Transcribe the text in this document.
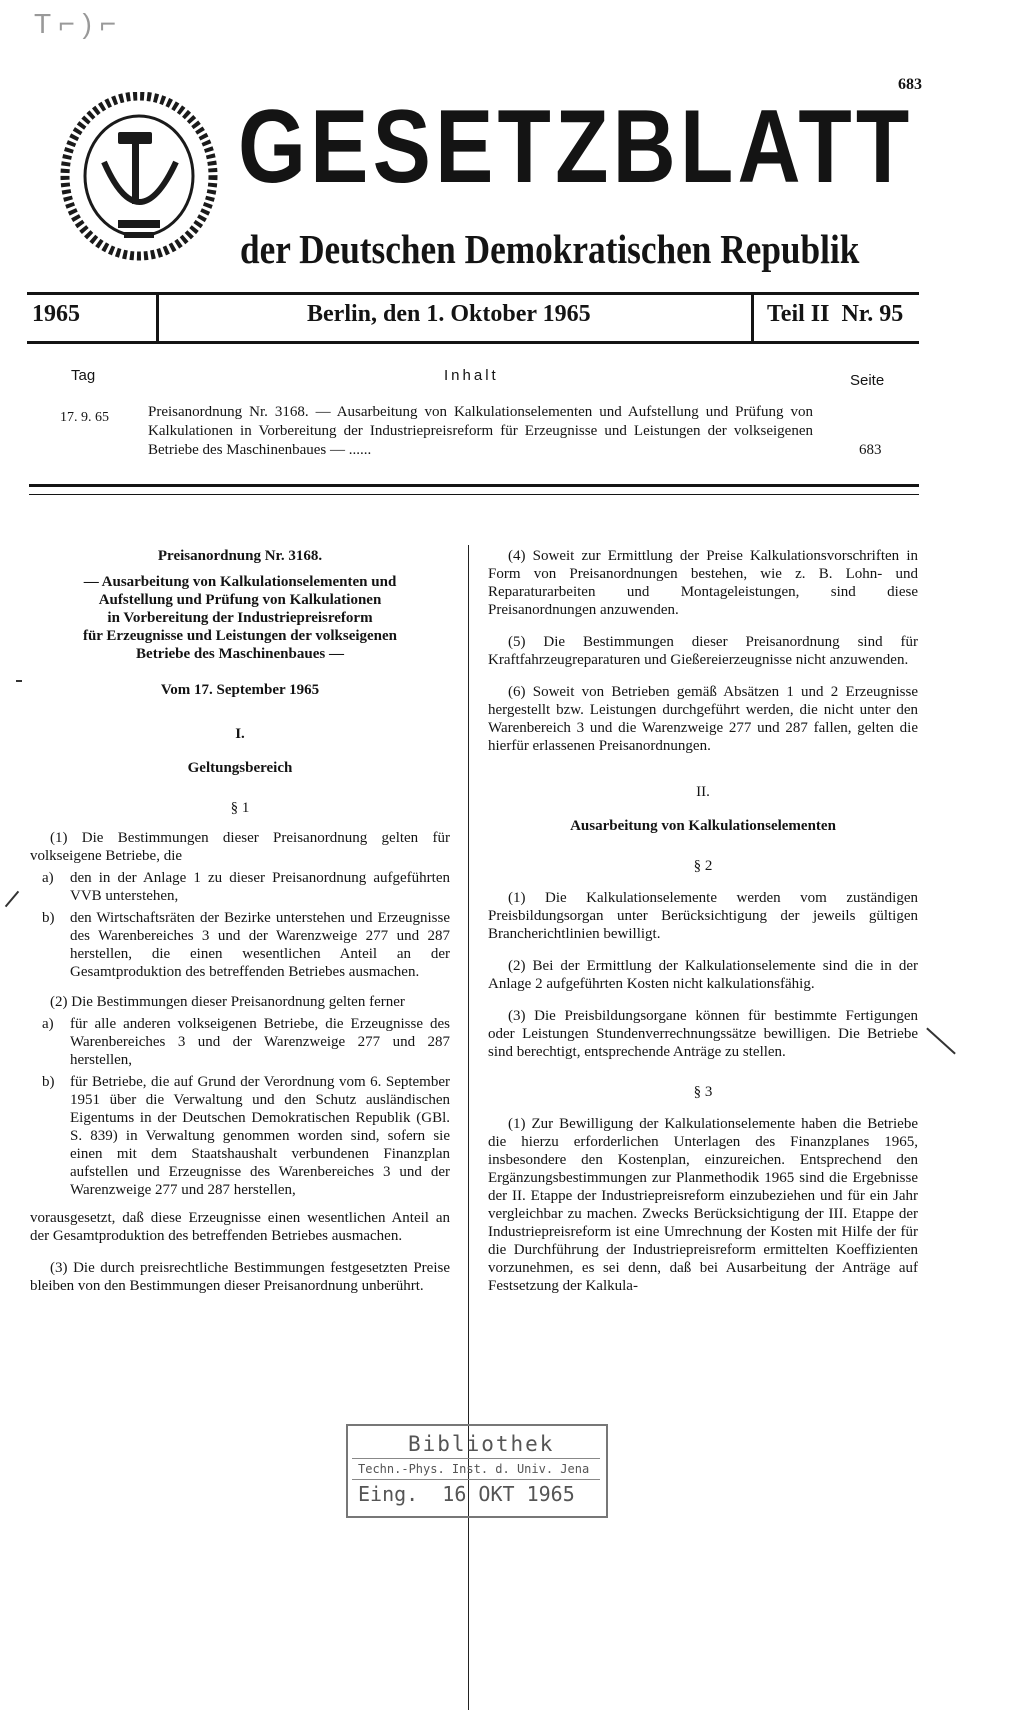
T ⌐ ) ⌐
683
GESETZBLATT
der Deutschen Demokratischen Republik
1965	Berlin, den 1. Oktober 1965	Teil II  Nr. 95
Tag	Inhalt	Seite
17. 9. 65	Preisanordnung Nr. 3168. — Ausarbeitung von Kalkulationselementen und Aufstellung und Prüfung von Kalkulationen in Vorbereitung der Industriepreisreform für Erzeugnisse und Leistungen der volkseigenen Betriebe des Maschinenbaues — ......	683
Preisanordnung Nr. 3168.
— Ausarbeitung von Kalkulationselementen und
Aufstellung und Prüfung von Kalkulationen
in Vorbereitung der Industriepreisreform
für Erzeugnisse und Leistungen der volkseigenen
Betriebe des Maschinenbaues —
Vom 17. September 1965
I.
Geltungsbereich
§ 1

(1) Die Bestimmungen dieser Preisanordnung gelten für volkseigene Betriebe, die

a)	den in der Anlage 1 zu dieser Preisanordnung aufgeführten VVB unterstehen,
b)	den Wirtschaftsräten der Bezirke unterstehen und Erzeugnisse des Warenbereiches 3 und der Warenzweige 277 und 287 herstellen, die einen wesentlichen Anteil an der Gesamtproduktion des betreffenden Betriebes ausmachen.

(2) Die Bestimmungen dieser Preisanordnung gelten ferner

a)	für alle anderen volkseigenen Betriebe, die Erzeugnisse des Warenbereiches 3 und der Warenzweige 277 und 287 herstellen,
b)	für Betriebe, die auf Grund der Verordnung vom 6. September 1951 über die Verwaltung und den Schutz ausländischen Eigentums in der Deutschen Demokratischen Republik (GBl. S. 839) in Verwaltung genommen worden sind, sofern sie einen mit dem Staatshaushalt verbundenen Finanzplan aufstellen und Erzeugnisse des Warenbereiches 3 und der Warenzweige 277 und 287 herstellen,

vorausgesetzt, daß diese Erzeugnisse einen wesentlichen Anteil an der Gesamtproduktion des betreffenden Betriebes ausmachen.

(3) Die durch preisrechtliche Bestimmungen festgesetzten Preise bleiben von den Bestimmungen dieser Preisanordnung unberührt.

(4) Soweit zur Ermittlung der Preise Kalkulationsvorschriften in Form von Preisanordnungen bestehen, wie z. B. Lohn- und Reparaturarbeiten und Montageleistungen, sind diese Preisanordnungen anzuwenden.

(5) Die Bestimmungen dieser Preisanordnung sind für Kraftfahrzeugreparaturen und Gießereierzeugnisse nicht anzuwenden.

(6) Soweit von Betrieben gemäß Absätzen 1 und 2 Erzeugnisse hergestellt bzw. Leistungen durchgeführt werden, die nicht unter den Warenbereich 3 und die Warenzweige 277 und 287 fallen, gelten die hierfür erlassenen Preisanordnungen.

II.
Ausarbeitung von Kalkulationselementen
§ 2

(1) Die Kalkulationselemente werden vom zuständigen Preisbildungsorgan unter Berücksichtigung der jeweils gültigen Brancherichtlinien bewilligt.

(2) Bei der Ermittlung der Kalkulationselemente sind die in der Anlage 2 aufgeführten Kosten nicht kalkulationsfähig.

(3) Die Preisbildungsorgane können für bestimmte Fertigungen oder Leistungen Stundenverrechnungssätze bewilligen. Die Betriebe sind berechtigt, entsprechende Anträge zu stellen.

§ 3

(1) Zur Bewilligung der Kalkulationselemente haben die Betriebe die hierzu erforderlichen Unterlagen des Finanzplanes 1965, insbesondere den Kostenplan, einzureichen. Entsprechend den Ergänzungsbestimmungen zur Planmethodik 1965 sind die Ergebnisse der II. Etappe der Industriepreisreform einzubeziehen und für ein Jahr vergleichbar zu machen. Zwecks Berücksichtigung der III. Etappe der Industriepreisreform ist eine Umrechnung der Kosten mit Hilfe der für die Durchführung der Industriepreisreform ermittelten Koeffizienten vorzunehmen, es sei denn, daß bei Ausarbeitung der Anträge auf Festsetzung der Kalkula-

Bibliothek
Techn.-Phys. Inst. d. Univ. Jena
Eing.  16 OKT 1965
